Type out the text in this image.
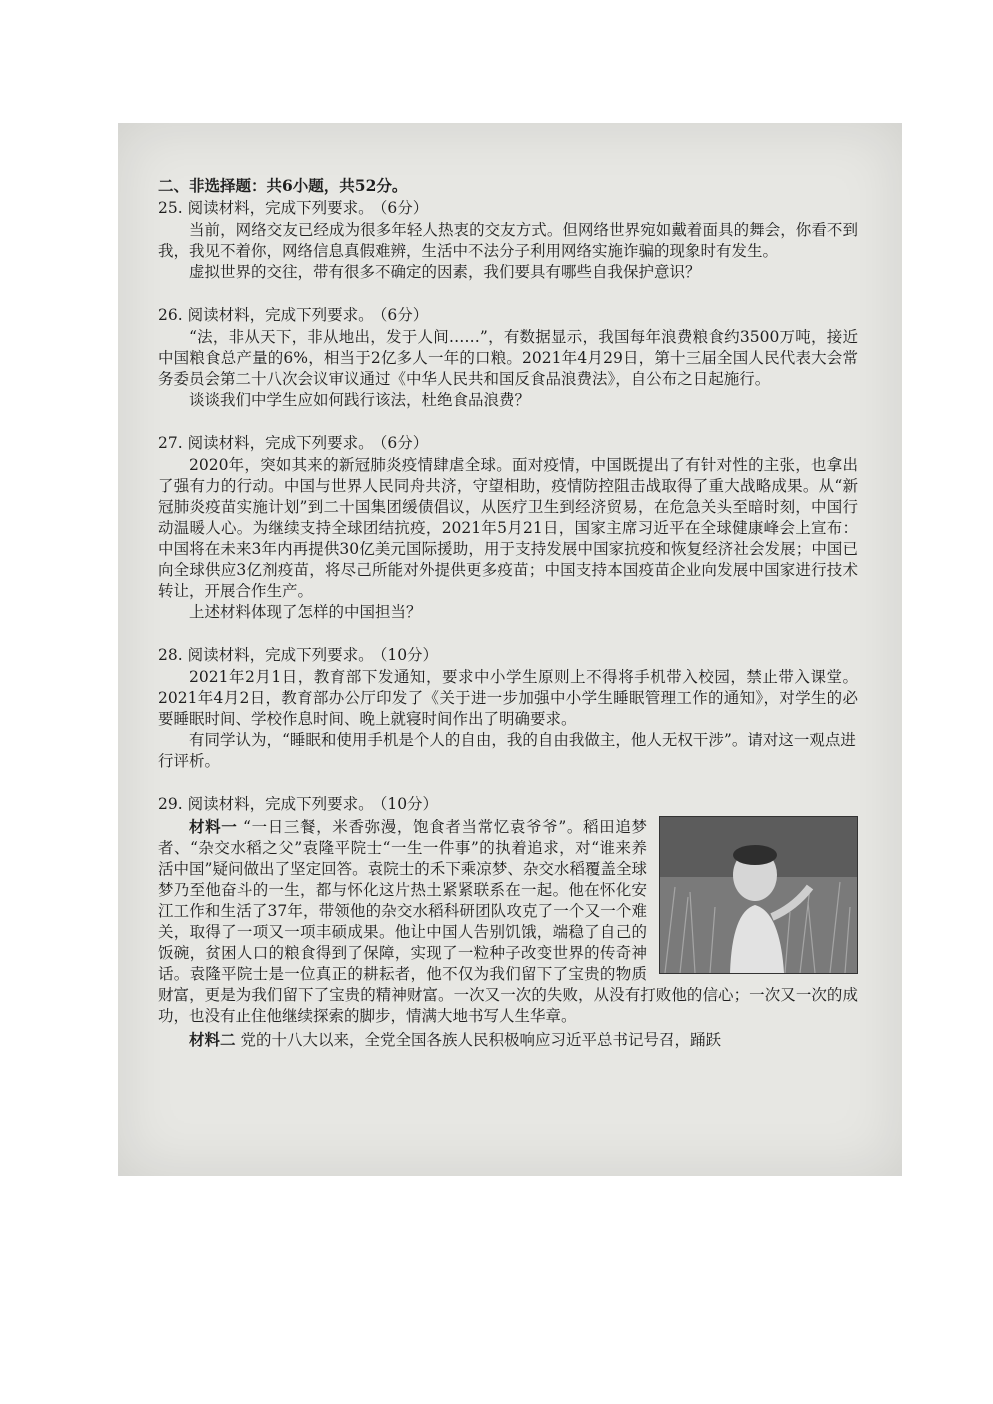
二、非选择题：共6小题，共52分。
25. 阅读材料，完成下列要求。 （6分）

当前，网络交友已经成为很多年轻人热衷的交友方式。但网络世界宛如戴着面具的舞会，你看不到我，我见不着你，网络信息真假难辨，生活中不法分子利用网络实施诈骗的现象时有发生。

虚拟世界的交往，带有很多不确定的因素，我们要具有哪些自我保护意识？

26. 阅读材料，完成下列要求。 （6分）

“法，非从天下，非从地出，发于人间……”，有数据显示，我国每年浪费粮食约3500万吨，接近中国粮食总产量的6%，相当于2亿多人一年的口粮。2021年4月29日，第十三届全国人民代表大会常务委员会第二十八次会议审议通过《中华人民共和国反食品浪费法》，自公布之日起施行。

谈谈我们中学生应如何践行该法，杜绝食品浪费？

27. 阅读材料，完成下列要求。 （6分）

2020年，突如其来的新冠肺炎疫情肆虐全球。面对疫情，中国既提出了有针对性的主张，也拿出了强有力的行动。中国与世界人民同舟共济，守望相助，疫情防控阻击战取得了重大战略成果。从“新冠肺炎疫苗实施计划”到二十国集团缓债倡议，从医疗卫生到经济贸易，在危急关头至暗时刻，中国行动温暖人心。为继续支持全球团结抗疫，2021年5月21日，国家主席习近平在全球健康峰会上宣布：中国将在未来3年内再提供30亿美元国际援助，用于支持发展中国家抗疫和恢复经济社会发展；中国已向全球供应3亿剂疫苗，将尽己所能对外提供更多疫苗；中国支持本国疫苗企业向发展中国家进行技术转让，开展合作生产。

上述材料体现了怎样的中国担当？

28. 阅读材料，完成下列要求。 （10分）

2021年2月1日，教育部下发通知，要求中小学生原则上不得将手机带入校园，禁止带入课堂。2021年4月2日，教育部办公厅印发了《关于进一步加强中小学生睡眠管理工作的通知》，对学生的必要睡眠时间、学校作息时间、晚上就寝时间作出了明确要求。

有同学认为，“睡眠和使用手机是个人的自由，我的自由我做主，他人无权干涉”。请对这一观点进行评析。

29. 阅读材料，完成下列要求。 （10分）

材料一 “一日三餐，米香弥漫，饱食者当常忆袁爷爷”。稻田追梦者、“杂交水稻之父”袁隆平院士“一生一件事”的执着追求，对“谁来养活中国”疑问做出了坚定回答。袁院士的禾下乘凉梦、杂交水稻覆盖全球梦乃至他奋斗的一生，都与怀化这片热土紧紧联系在一起。他在怀化安江工作和生活了37年，带领他的杂交水稻科研团队攻克了一个又一个难关，取得了一项又一项丰硕成果。他让中国人告别饥饿，端稳了自己的饭碗，贫困人口的粮食得到了保障，实现了一粒种子改变世界的传奇神话。袁隆平院士是一位真正的耕耘者，他不仅为我们留下了宝贵的物质财富，更是为我们留下了宝贵的精神财富。一次又一次的失败，从没有打败他的信心；一次又一次的成功，也没有止住他继续探索的脚步，情满大地书写人生华章。

材料二 党的十八大以来，全党全国各族人民积极响应习近平总书记号召，踊跃
